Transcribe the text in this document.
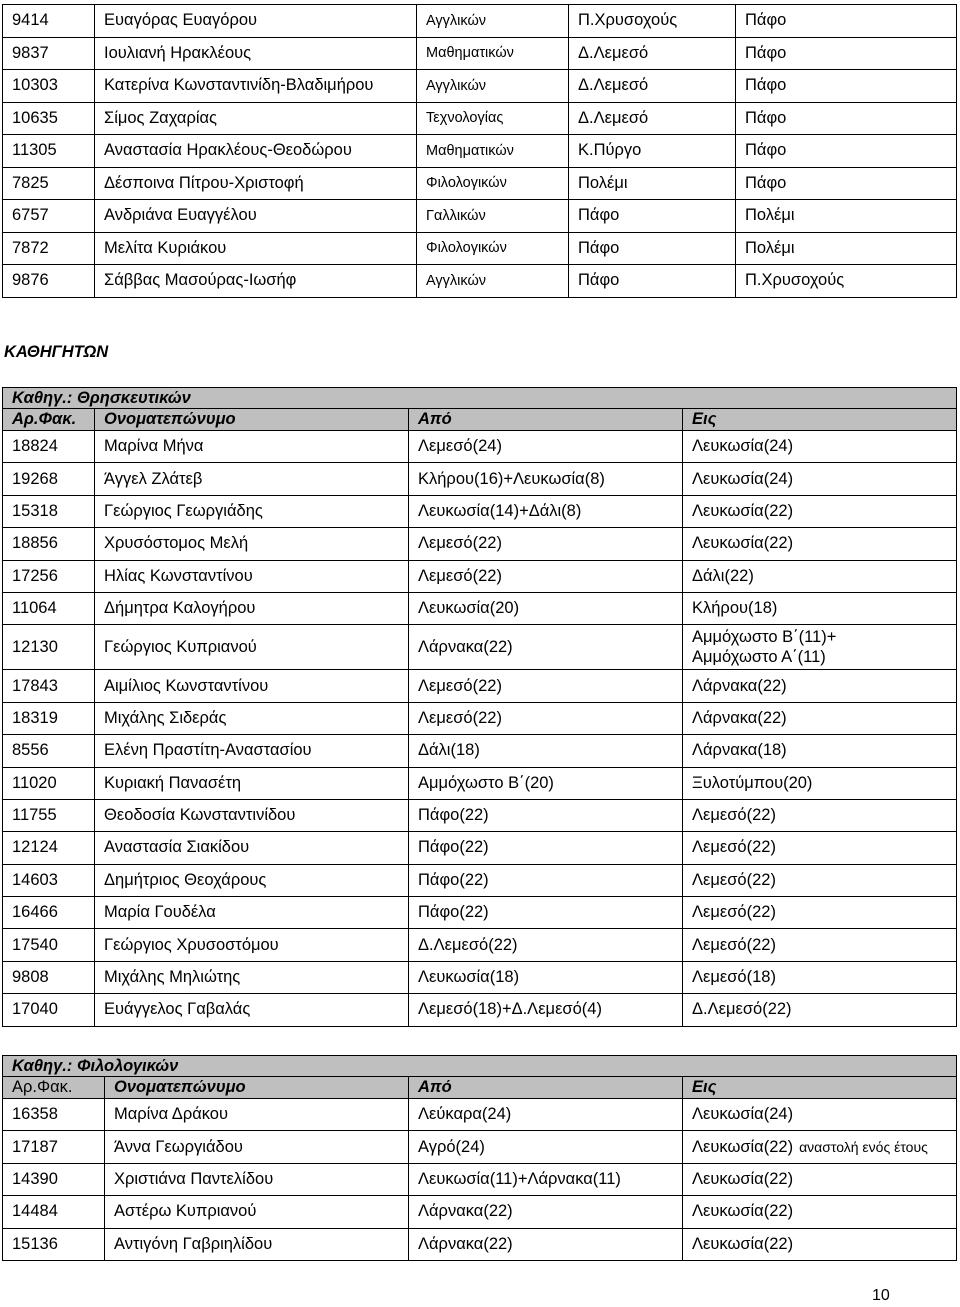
9414	Ευαγόρας Ευαγόρου	Αγγλικών	Π.Χρυσοχούς	Πάφο
9837	Ιουλιανή Ηρακλέους	Μαθηματικών	Δ.Λεμεσό	Πάφο
10303	Κατερίνα Κωνσταντινίδη-Βλαδιμήρου	Αγγλικών	Δ.Λεμεσό	Πάφο
10635	Σίμος Ζαχαρίας	Τεχνολογίας	Δ.Λεμεσό	Πάφο
11305	Αναστασία Ηρακλέους-Θεοδώρου	Μαθηματικών	Κ.Πύργο	Πάφο
7825	Δέσποινα Πίτρου-Χριστοφή	Φιλολογικών	Πολέμι	Πάφο
6757	Ανδριάνα Ευαγγέλου	Γαλλικών	Πάφο	Πολέμι
7872	Μελίτα Κυριάκου	Φιλολογικών	Πάφο	Πολέμι
9876	Σάββας Μασούρας-Ιωσήφ	Αγγλικών	Πάφο	Π.Χρυσοχούς
ΚΑΘΗΓΗΤΩΝ
Καθηγ.: Θρησκευτικών			
Αρ.Φακ.	Ονοματεπώνυμο	Από	Εις
18824	Μαρίνα Μήνα	Λεμεσό(24)	Λευκωσία(24)
19268	Άγγελ Ζλάτεβ	Κλήρου(16)+Λευκωσία(8)	Λευκωσία(24)
15318	Γεώργιος Γεωργιάδης	Λευκωσία(14)+Δάλι(8)	Λευκωσία(22)
18856	Χρυσόστομος Μελή	Λεμεσό(22)	Λευκωσία(22)
17256	Ηλίας Κωνσταντίνου	Λεμεσό(22)	Δάλι(22)
11064	Δήμητρα Καλογήρου	Λευκωσία(20)	Κλήρου(18)
12130	Γεώργιος Κυπριανού	Λάρνακα(22)	Αμμόχωστο Β΄(11)+
Αμμόχωστο Α΄(11)

17843	Αιμίλιος Κωνσταντίνου	Λεμεσό(22)	Λάρνακα(22)
18319	Μιχάλης Σιδεράς	Λεμεσό(22)	Λάρνακα(22)
8556	Ελένη Πραστίτη-Αναστασίου	Δάλι(18)	Λάρνακα(18)
11020	Κυριακή Πανασέτη	Αμμόχωστο Β΄(20)	Ξυλοτύμπου(20)
11755	Θεοδοσία Κωνσταντινίδου	Πάφο(22)	Λεμεσό(22)
12124	Αναστασία Σιακίδου	Πάφο(22)	Λεμεσό(22)
14603	Δημήτριος Θεοχάρους	Πάφο(22)	Λεμεσό(22)
16466	Μαρία Γουδέλα	Πάφο(22)	Λεμεσό(22)
17540	Γεώργιος Χρυσοστόμου	Δ.Λεμεσό(22)	Λεμεσό(22)
9808	Μιχάλης Μηλιώτης	Λευκωσία(18)	Λεμεσό(18)
17040	Ευάγγελος Γαβαλάς	Λεμεσό(18)+Δ.Λεμεσό(4)	Δ.Λεμεσό(22)
Καθηγ.: Φιλολογικών			
Αρ.Φακ.	Ονοματεπώνυμο	Από	Εις
16358	Μαρίνα Δράκου	Λεύκαρα(24)	Λευκωσία(24)
17187	Άννα Γεωργιάδου	Αγρό(24)	Λευκωσία(22) αναστολή ενός έτους
14390	Χριστιάνα Παντελίδου	Λευκωσία(11)+Λάρνακα(11)	Λευκωσία(22)
14484	Αστέρω Κυπριανού	Λάρνακα(22)	Λευκωσία(22)
15136	Αντιγόνη Γαβριηλίδου	Λάρνακα(22)	Λευκωσία(22)
10
